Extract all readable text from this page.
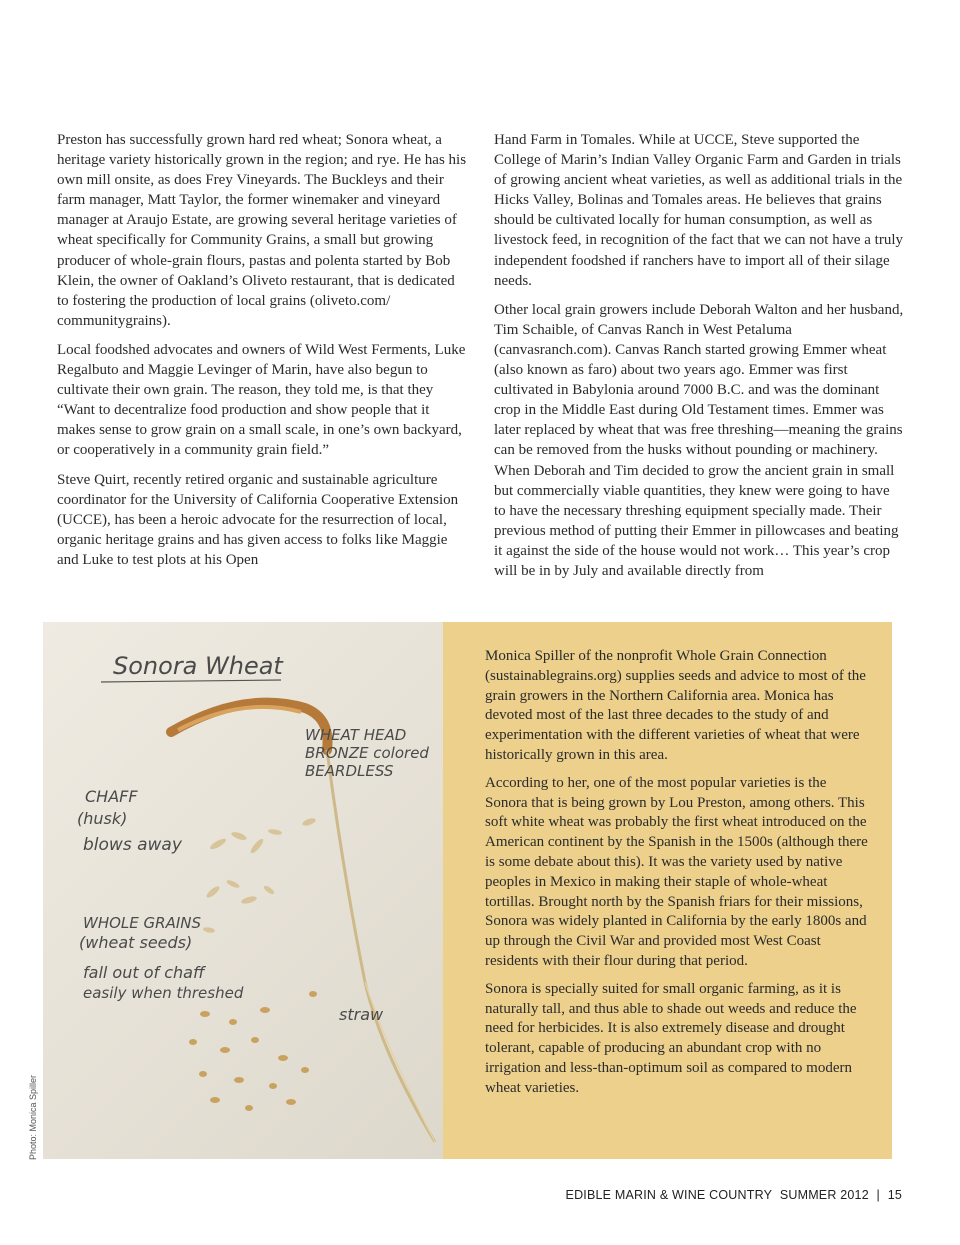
Preston has successfully grown hard red wheat; Sonora wheat, a heritage variety historically grown in the region; and rye. He has his own mill onsite, as does Frey Vineyards. The Buckleys and their farm manager, Matt Taylor, the former winemaker and vineyard manager at Araujo Estate, are growing several heritage varieties of wheat specifically for Community Grains, a small but growing producer of whole-grain flours, pastas and polenta started by Bob Klein, the owner of Oakland’s Oliveto restaurant, that is dedicated to fostering the production of local grains (oliveto.com/ communitygrains).

Local foodshed advocates and owners of Wild West Ferments, Luke Regalbuto and Maggie Levinger of Marin, have also begun to cultivate their own grain. The reason, they told me, is that they “Want to decentralize food production and show people that it makes sense to grow grain on a small scale, in one’s own backyard, or cooperatively in a community grain field.”

Steve Quirt, recently retired organic and sustainable agriculture coordinator for the University of California Cooperative Extension (UCCE), has been a heroic advocate for the resurrection of local, organic heritage grains and has given access to folks like Maggie and Luke to test plots at his Open

Hand Farm in Tomales. While at UCCE, Steve supported the College of Marin’s Indian Valley Organic Farm and Garden in trials of growing ancient wheat varieties, as well as additional trials in the Hicks Valley, Bolinas and Tomales areas. He believes that grains should be cultivated locally for human consumption, as well as livestock feed, in recognition of the fact that we can not have a truly independent foodshed if ranchers have to import all of their silage needs.

Other local grain growers include Deborah Walton and her husband, Tim Schaible, of Canvas Ranch in West Petaluma (canvasranch.com). Canvas Ranch started growing Emmer wheat (also known as faro) about two years ago. Emmer was first cultivated in Babylonia around 7000 B.C. and was the dominant crop in the Middle East during Old Testament times. Emmer was later replaced by wheat that was free threshing—meaning the grains can be removed from the husks without pounding or machinery. When Deborah and Tim decided to grow the ancient grain in small but commercially viable quantities, they knew were going to have to have the necessary threshing equipment specially made. Their previous method of putting their Emmer in pillowcases and beating it against the side of the house would not work… This year’s crop will be in by July and available directly from

Sonora Wheat
WHEAT HEAD
BRONZE colored
BEARDLESS
CHAFF
(husk)
blows away
WHOLE GRAINS
(wheat seeds)
fall out of chaff
easily when threshed
straw
Photo: Monica Spiller

Monica Spiller of the nonprofit Whole Grain Connection (sustainablegrains.org) supplies seeds and advice to most of the grain growers in the Northern California area. Monica has devoted most of the last three decades to the study of and experimentation with the different varieties of wheat that were historically grown in this area.

According to her, one of the most popular varieties is the Sonora that is being grown by Lou Preston, among others. This soft white wheat was probably the first wheat introduced on the American continent by the Spanish in the 1500s (although there is some debate about this). It was the variety used by native peoples in Mexico in making their staple of whole-wheat tortillas. Brought north by the Spanish friars for their missions, Sonora was widely planted in California by the early 1800s and up through the Civil War and provided most West Coast residents with their flour during that period.

Sonora is specially suited for small organic farming, as it is naturally tall, and thus able to shade out weeds and reduce the need for herbicides. It is also extremely disease and drought tolerant, capable of producing an abundant crop with no irrigation and less-than-optimum soil as compared to modern wheat varieties.

EDIBLE MARIN & WINE COUNTRY SUMMER 2012 | 15
